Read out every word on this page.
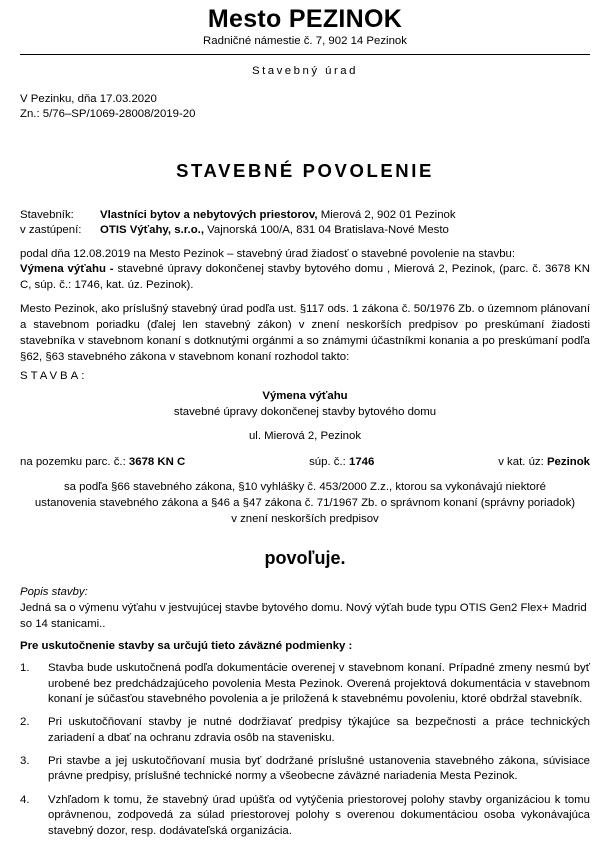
Mesto PEZINOK
Radničné námestie č. 7, 902 14 Pezinok
Stavebný úrad
V Pezinku, dňa 17.03.2020
Zn.: 5/76–SP/1069-28008/2019-20
STAVEBNÉ POVOLENIE
Stavebník:	Vlastníci bytov a nebytových priestorov, Mierová 2, 902 01 Pezinok
v zastúpení:	OTIS Výťahy, s.r.o., Vajnorská 100/A, 831 04 Bratislava-Nové Mesto

podal dňa 12.08.2019 na Mesto Pezinok – stavebný úrad žiadosť o stavebné povolenie na stavbu:
Výmena výťahu - stavebné úpravy dokončenej stavby bytového domu , Mierová 2, Pezinok, (parc. č. 3678 KN C, súp. č.: 1746, kat. úz. Pezinok).

Mesto Pezinok, ako príslušný stavebný úrad podľa ust. §117 ods. 1 zákona č. 50/1976 Zb. o územnom plánovaní a stavebnom poriadku (ďalej len stavebný zákon) v znení neskorších predpisov po preskúmaní žiadosti stavebníka v stavebnom konaní s dotknutými orgánmi a so známymi účastníkmi konania a po preskúmaní podľa §62, §63 stavebného zákona v stavebnom konaní rozhodol takto:

STAVBA:
Výmena výťahu
stavebné úpravy dokončenej stavby bytového domu
ul. Mierová 2, Pezinok
na pozemku parc. č.: 3678 KN C	súp. č.: 1746	v kat. úz: Pezinok

sa podľa §66 stavebného zákona, §10 vyhlášky č. 453/2000 Z.z., ktorou sa vykonávajú niektoré ustanovenia stavebného zákona a §46 a §47 zákona č. 71/1967 Zb. o správnom konaní (správny poriadok) v znení neskorších predpisov

povoľuje.
Popis stavby:

Jedná sa o výmenu výťahu v jestvujúcej stavbe bytového domu. Nový výťah bude typu OTIS Gen2 Flex+ Madrid so 14 stanicami..

Pre uskutočnenie stavby sa určujú tieto záväzné podmienky :
1.	Stavba bude uskutočnená podľa dokumentácie overenej v stavebnom konaní. Prípadné zmeny nesmú byť urobené bez predchádzajúceho povolenia Mesta Pezinok. Overená projektová dokumentácia v stavebnom konaní je súčasťou stavebného povolenia a je priložená k stavebnému povoleniu, ktoré obdržal stavebník.
2.	Pri uskutočňovaní stavby je nutné dodržiavať predpisy týkajúce sa bezpečnosti a práce technických zariadení a dbať na ochranu zdravia osôb na stavenisku.
3.	Pri stavbe a jej uskutočňovaní musia byť dodržané príslušné ustanovenia stavebného zákona, súvisiace právne predpisy, príslušné technické normy a všeobecne záväzné nariadenia Mesta Pezinok.
4.	Vzhľadom k tomu, že stavebný úrad upúšťa od vytýčenia priestorovej polohy stavby organizáciou k tomu oprávnenou, zodpovedá za súlad priestorovej polohy s overenou dokumentáciou osoba vykonávajúca stavebný dozor, resp. dodávateľská organizácia.
